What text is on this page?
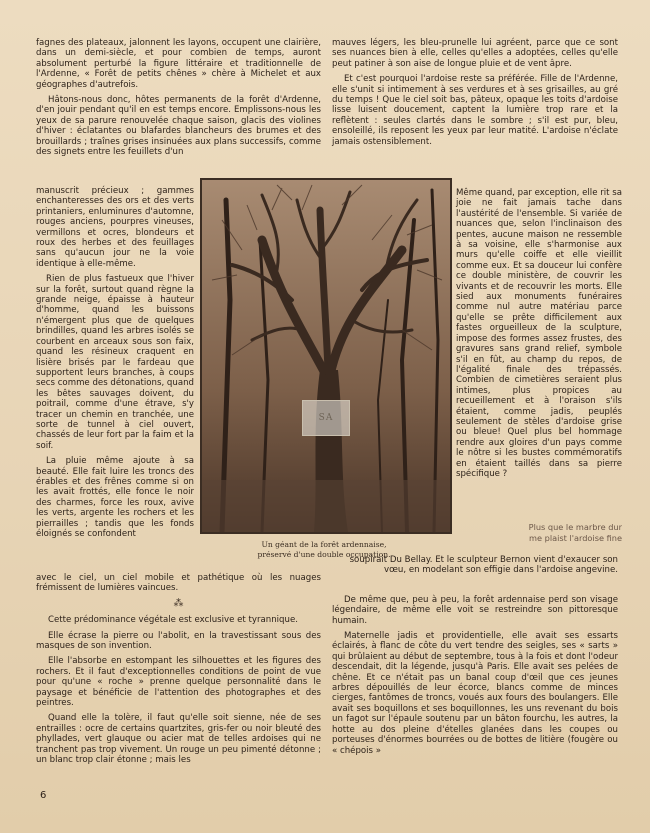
fagnes des plateaux, jalonnent les layons, occupent une clairière, dans un demi-siècle, et pour combien de temps, auront absolument perturbé la figure littéraire et traditionnelle de l'Ardenne, « Forêt de petits chênes » chère à Michelet et aux géographes d'autrefois.

Hâtons-nous donc, hôtes permanents de la forêt d'Ardenne, d'en jouir pendant qu'il en est temps encore. Emplissons-nous les yeux de sa parure renouvelée chaque saison, glacis des violines d'hiver : éclatantes ou blafardes blancheurs des brumes et des brouillards ; traînes grises insinuées aux plans successifs, comme des signets entre les feuillets d'un

manuscrit précieux ; gammes enchanteresses des ors et des verts printaniers, enluminures d'automne, rouges anciens, pourpres vineuses, vermillons et ocres, blondeurs et roux des herbes et des feuillages sans qu'aucun jour ne la voie identique à elle-même.

Rien de plus fastueux que l'hiver sur la forêt, surtout quand règne la grande neige, épaisse à hauteur d'homme, quand les buissons n'émergent plus que de quelques brindilles, quand les arbres isolés se courbent en arceaux sous son faix, quand les résineux craquent en lisière brisés par le fardeau que supportent leurs branches, à coups secs comme des détonations, quand les bêtes sauvages doivent, du poitrail, comme d'une étrave, s'y tracer un chemin en tranchée, une sorte de tunnel à ciel ouvert, chassés de leur fort par la faim et la soif.

La pluie même ajoute à sa beauté. Elle fait luire les troncs des érables et des frênes comme si on les avait frottés, elle fonce le noir des charmes, force les roux, avive les verts, argente les rochers et les pierrailles ; tandis que les fonds éloignés se confondent

avec le ciel, un ciel mobile et pathétique où les nuages frémissent de lumières vaincues.

⁂

Cette prédominance végétale est exclusive et tyrannique.

Elle écrase la pierre ou l'abolit, en la travestissant sous des masques de son invention.

Elle l'absorbe en estompant les silhouettes et les figures des rochers. Et il faut d'exceptionnelles conditions de point de vue pour qu'une « roche » prenne quelque personnalité dans le paysage et bénéficie de l'attention des photographes et des peintres.

Quand elle la tolère, il faut qu'elle soit sienne, née de ses entrailles : ocre de certains quartzites, gris-fer ou noir bleuté des phyllades, vert glauque ou acier mat de telles ardoises qui ne tranchent pas trop vivement. Un rouge un peu pimenté détonne ; un blanc trop clair étonne ; mais les

mauves légers, les bleu-prunelle lui agréent, parce que ce sont ses nuances bien à elle, celles qu'elles a adoptées, celles qu'elle peut patiner à son aise de longue pluie et de vent âpre.

Et c'est pourquoi l'ardoise reste sa préférée. Fille de l'Ardenne, elle s'unit si intimement à ses verdures et à ses grisailles, au gré du temps ! Que le ciel soit bas, pâteux, opaque les toits d'ardoise lisse luisent doucement, captent la lumière trop rare et la reflètent : seules clartés dans le sombre ; s'il est pur, bleu, ensoleillé, ils reposent les yeux par leur matité. L'ardoise n'éclate jamais ostensiblement.

Même quand, par exception, elle rit sa joie ne fait jamais tache dans l'austérité de l'ensemble. Si variée de nuances que, selon l'inclinaison des pentes, aucune maison ne ressemble à sa voisine, elle s'harmonise aux murs qu'elle coiffe et elle vieillit comme eux. Et sa douceur lui confère ce double ministère, de couvrir les vivants et de recouvrir les morts. Elle sied aux monuments funéraires comme nul autre matériau parce qu'elle se prête difficilement aux fastes orgueilleux de la sculpture, impose des formes assez frustes, des gravures sans grand relief, symbole s'il en fût, au champ du repos, de l'égalité finale des trépassés. Combien de cimetières seraient plus intimes, plus propices au recueillement et à l'oraison s'ils étaient, comme jadis, peuplés seulement de stèles d'ardoise grise ou bleue! Quel plus bel hommage rendre aux gloires d'un pays comme le nôtre si les bustes commémoratifs en étaient taillés dans sa pierre spécifique ?

SA
Un géant de la forêt ardennaise,
préservé d'une double occupation.
Plus que le marbre dur
me plaist l'ardoise fine

soupirait Du Bellay. Et le sculpteur Bernon vient d'exaucer son vœu, en modelant son effigie dans l'ardoise angevine.

De même que, peu à peu, la forêt ardennaise perd son visage légendaire, de même elle voit se restreindre son pittoresque humain.

Maternelle jadis et providentielle, elle avait ses essarts éclairés, à flanc de côte du vert tendre des seigles, ses « sarts » qui brûlaient au début de septembre, tous à la fois et dont l'odeur descendait, dit la légende, jusqu'à Paris. Elle avait ses pelées de chêne. Et ce n'était pas un banal coup d'œil que ces jeunes arbres dépouillés de leur écorce, blancs comme de minces cierges, fantômes de troncs, voués aux fours des boulangers. Elle avait ses boquillons et ses boquillonnes, les uns revenant du bois un fagot sur l'épaule soutenu par un bâton fourchu, les autres, la hotte au dos pleine d'ételles glanées dans les coupes ou porteuses d'énormes bourrées ou de bottes de litière (fougère ou « chépois »

6
